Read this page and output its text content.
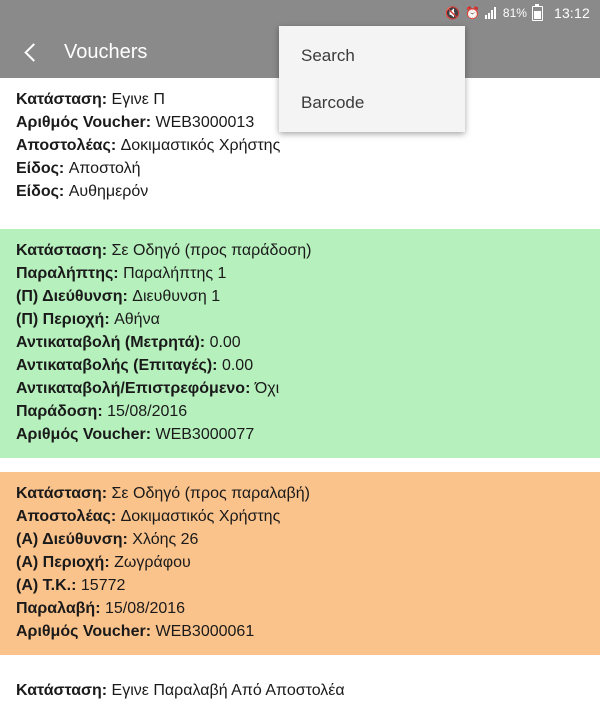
🔇 ⏰ 81% 13:12
Vouchers	Search
Barcode
Κατάσταση: Εγινε Π
Αριθμός Voucher: WEB3000013
Αποστολέας: Δοκιμαστικός Χρήστης
Είδος: Αποστολή
Είδος: Αυθημερόν
Κατάσταση: Σε Οδηγό (προς παράδοση)
Παραλήπτης: Παραλήπτης 1
(Π) Διεύθυνση: Διευθυνση 1
(Π) Περιοχή: Αθήνα
Αντικαταβολή (Μετρητά): 0.00
Αντικαταβολής (Επιταγές): 0.00
Αντικαταβολή/Επιστρεφόμενο: Όχι
Παράδοση: 15/08/2016
Αριθμός Voucher: WEB3000077
Κατάσταση: Σε Οδηγό (προς παραλαβή)
Αποστολέας: Δοκιμαστικός Χρήστης
(Α) Διεύθυνση: Χλόης 26
(Α) Περιοχή: Ζωγράφου
(Α) Τ.Κ.: 15772
Παραλαβή: 15/08/2016
Αριθμός Voucher: WEB3000061
Κατάσταση: Εγινε Παραλαβή Από Αποστολέα
